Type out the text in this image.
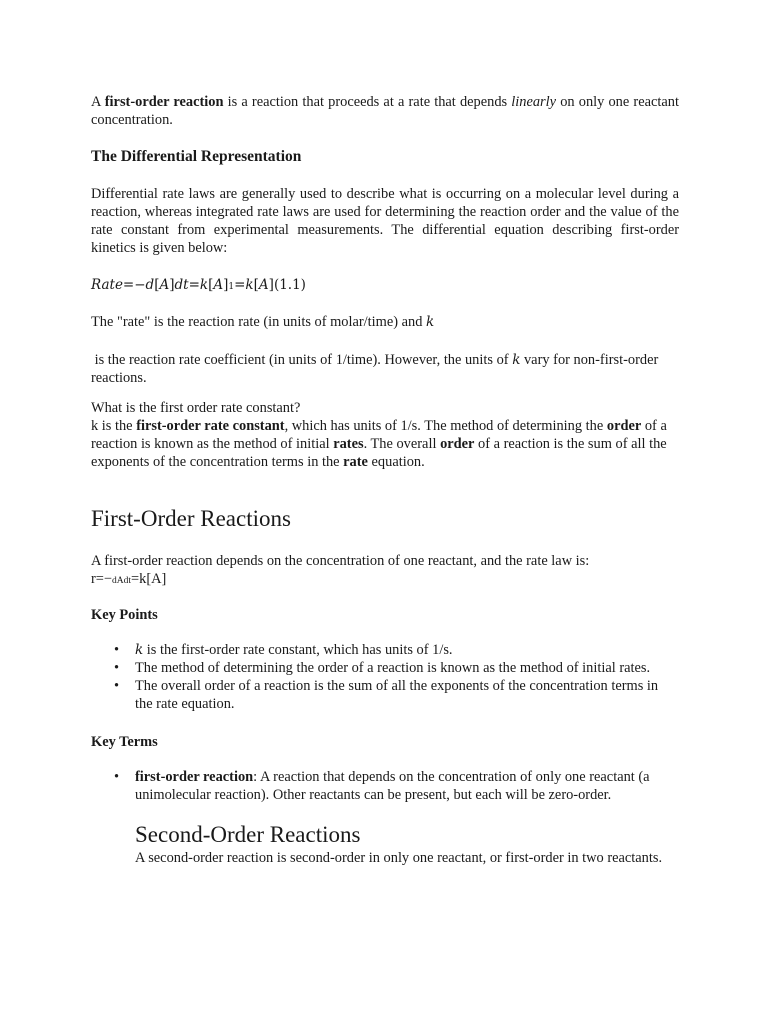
A first-order reaction is a reaction that proceeds at a rate that depends linearly on only one reactant concentration.
The Differential Representation
Differential rate laws are generally used to describe what is occurring on a molecular level during a reaction, whereas integrated rate laws are used for determining the reaction order and the value of the rate constant from experimental measurements. The differential equation describing first-order kinetics is given below:
Rate=−d[A]dt=k[A]1=k[A](1.1)
The "rate" is the reaction rate (in units of molar/time) and k
is the reaction rate coefficient (in units of 1/time). However, the units of k vary for non-first-order reactions.
What is the first order rate constant?
k is the first-order rate constant, which has units of 1/s. The method of determining the order of a reaction is known as the method of initial rates. The overall order of a reaction is the sum of all the exponents of the concentration terms in the rate equation.
First-Order Reactions
A first-order reaction depends on the concentration of one reactant, and the rate law is:
r=−dAdt=k[A]
Key Points
• k is the first-order rate constant, which has units of 1/s.
• The method of determining the order of a reaction is known as the method of initial rates.
• The overall order of a reaction is the sum of all the exponents of the concentration terms in the rate equation.
Key Terms
• first-order reaction: A reaction that depends on the concentration of only one reactant (a unimolecular reaction). Other reactants can be present, but each will be zero-order.
Second-Order Reactions
A second-order reaction is second-order in only one reactant, or first-order in two reactants.
